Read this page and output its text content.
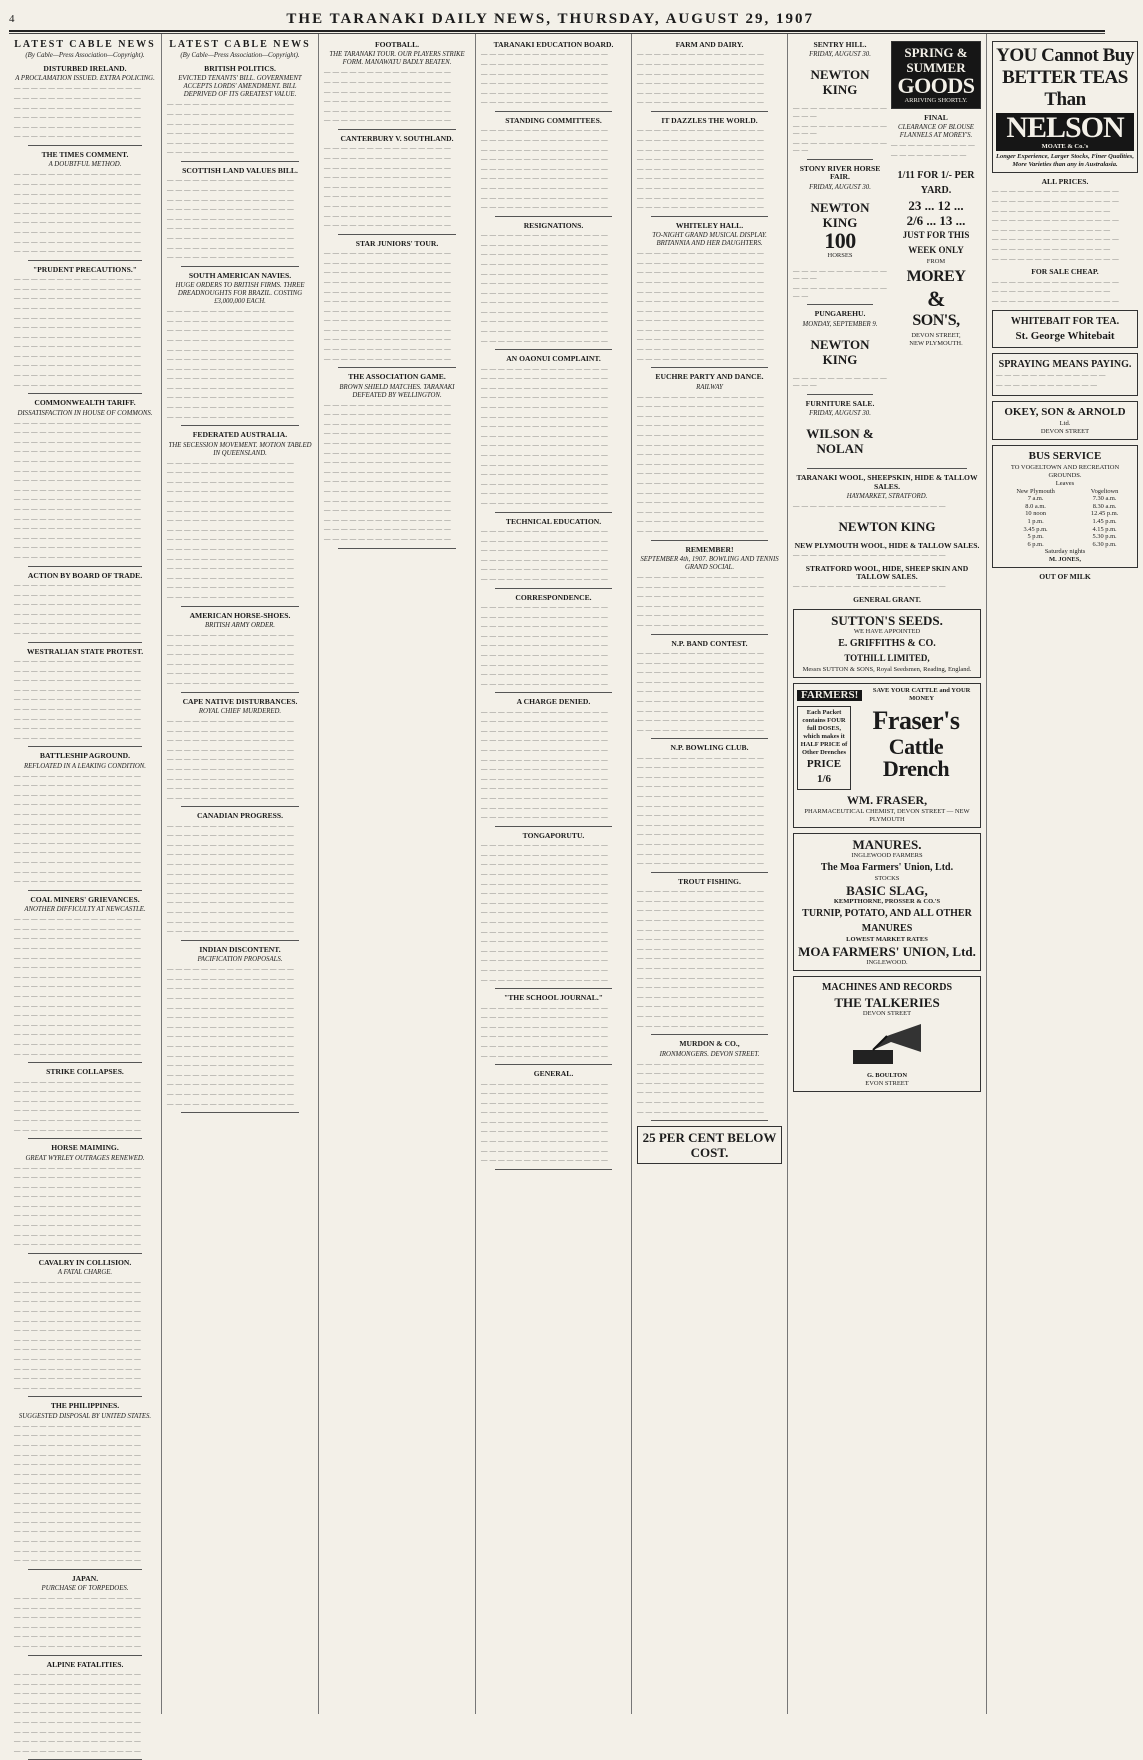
4	THE TARANAKI DAILY NEWS, THURSDAY, AUGUST 29, 1907
LATEST CABLE NEWS
(By Cable—Press Association—Copyright).
DISTURBED IRELAND.
A PROCLAMATION ISSUED. EXTRA POLICING.

— — — — — — — — — — — — — — —

— — — — — — — — — — — — — — —

— — — — — — — — — — — — — — —

— — — — — — — — — — — — — — —

— — — — — — — — — — — — — — —

— — — — — — — — — — — — — — —

THE TIMES COMMENT.
A DOUBTFUL METHOD.

— — — — — — — — — — — — — — —

— — — — — — — — — — — — — — —

— — — — — — — — — — — — — — —

— — — — — — — — — — — — — — —

— — — — — — — — — — — — — — —

— — — — — — — — — — — — — — —

— — — — — — — — — — — — — — —

— — — — — — — — — — — — — — —

— — — — — — — — — — — — — — —

"PRUDENT PRECAUTIONS."

— — — — — — — — — — — — — — —

— — — — — — — — — — — — — — —

— — — — — — — — — — — — — — —

— — — — — — — — — — — — — — —

— — — — — — — — — — — — — — —

— — — — — — — — — — — — — — —

— — — — — — — — — — — — — — —

— — — — — — — — — — — — — — —

— — — — — — — — — — — — — — —

— — — — — — — — — — — — — — —

— — — — — — — — — — — — — — —

— — — — — — — — — — — — — — —

COMMONWEALTH TARIFF.
DISSATISFACTION IN HOUSE OF COMMONS.

— — — — — — — — — — — — — — —

— — — — — — — — — — — — — — —

— — — — — — — — — — — — — — —

— — — — — — — — — — — — — — —

— — — — — — — — — — — — — — —

— — — — — — — — — — — — — — —

— — — — — — — — — — — — — — —

— — — — — — — — — — — — — — —

— — — — — — — — — — — — — — —

— — — — — — — — — — — — — — —

— — — — — — — — — — — — — — —

— — — — — — — — — — — — — — —

— — — — — — — — — — — — — — —

— — — — — — — — — — — — — — —

— — — — — — — — — — — — — — —

ACTION BY BOARD OF TRADE.

— — — — — — — — — — — — — — —

— — — — — — — — — — — — — — —

— — — — — — — — — — — — — — —

— — — — — — — — — — — — — — —

— — — — — — — — — — — — — — —

— — — — — — — — — — — — — — —

WESTRALIAN STATE PROTEST.

— — — — — — — — — — — — — — —

— — — — — — — — — — — — — — —

— — — — — — — — — — — — — — —

— — — — — — — — — — — — — — —

— — — — — — — — — — — — — — —

— — — — — — — — — — — — — — —

— — — — — — — — — — — — — — —

— — — — — — — — — — — — — — —

— — — — — — — — — — — — — — —

BATTLESHIP AGROUND.
REFLOATED IN A LEAKING CONDITION.

— — — — — — — — — — — — — — —

— — — — — — — — — — — — — — —

— — — — — — — — — — — — — — —

— — — — — — — — — — — — — — —

— — — — — — — — — — — — — — —

— — — — — — — — — — — — — — —

— — — — — — — — — — — — — — —

— — — — — — — — — — — — — — —

— — — — — — — — — — — — — — —

— — — — — — — — — — — — — — —

— — — — — — — — — — — — — — —

— — — — — — — — — — — — — — —

COAL MINERS' GRIEVANCES.
ANOTHER DIFFICULTY AT NEWCASTLE.

— — — — — — — — — — — — — — —

— — — — — — — — — — — — — — —

— — — — — — — — — — — — — — —

— — — — — — — — — — — — — — —

— — — — — — — — — — — — — — —

— — — — — — — — — — — — — — —

— — — — — — — — — — — — — — —

— — — — — — — — — — — — — — —

— — — — — — — — — — — — — — —

— — — — — — — — — — — — — — —

— — — — — — — — — — — — — — —

— — — — — — — — — — — — — — —

— — — — — — — — — — — — — — —

— — — — — — — — — — — — — — —

— — — — — — — — — — — — — — —

STRIKE COLLAPSES.

— — — — — — — — — — — — — — —

— — — — — — — — — — — — — — —

— — — — — — — — — — — — — — —

— — — — — — — — — — — — — — —

— — — — — — — — — — — — — — —

— — — — — — — — — — — — — — —

HORSE MAIMING.
GREAT WYRLEY OUTRAGES RENEWED.

— — — — — — — — — — — — — — —

— — — — — — — — — — — — — — —

— — — — — — — — — — — — — — —

— — — — — — — — — — — — — — —

— — — — — — — — — — — — — — —

— — — — — — — — — — — — — — —

— — — — — — — — — — — — — — —

— — — — — — — — — — — — — — —

— — — — — — — — — — — — — — —

CAVALRY IN COLLISION.
A FATAL CHARGE.

— — — — — — — — — — — — — — —

— — — — — — — — — — — — — — —

— — — — — — — — — — — — — — —

— — — — — — — — — — — — — — —

— — — — — — — — — — — — — — —

— — — — — — — — — — — — — — —

— — — — — — — — — — — — — — —

— — — — — — — — — — — — — — —

— — — — — — — — — — — — — — —

— — — — — — — — — — — — — — —

— — — — — — — — — — — — — — —

— — — — — — — — — — — — — — —

THE PHILIPPINES.
SUGGESTED DISPOSAL BY UNITED STATES.

— — — — — — — — — — — — — — —

— — — — — — — — — — — — — — —

— — — — — — — — — — — — — — —

— — — — — — — — — — — — — — —

— — — — — — — — — — — — — — —

— — — — — — — — — — — — — — —

— — — — — — — — — — — — — — —

— — — — — — — — — — — — — — —

— — — — — — — — — — — — — — —

— — — — — — — — — — — — — — —

— — — — — — — — — — — — — — —

— — — — — — — — — — — — — — —

— — — — — — — — — — — — — — —

— — — — — — — — — — — — — — —

— — — — — — — — — — — — — — —

JAPAN.
PURCHASE OF TORPEDOES.

— — — — — — — — — — — — — — —

— — — — — — — — — — — — — — —

— — — — — — — — — — — — — — —

— — — — — — — — — — — — — — —

— — — — — — — — — — — — — — —

— — — — — — — — — — — — — — —

ALPINE FATALITIES.

— — — — — — — — — — — — — — —

— — — — — — — — — — — — — — —

— — — — — — — — — — — — — — —

— — — — — — — — — — — — — — —

— — — — — — — — — — — — — — —

— — — — — — — — — — — — — — —

— — — — — — — — — — — — — — —

— — — — — — — — — — — — — — —

— — — — — — — — — — — — — — —

LATEST CABLE NEWS
(By Cable—Press Association—Copyright).
BRITISH POLITICS.
EVICTED TENANTS' BILL. GOVERNMENT ACCEPTS LORDS' AMENDMENT. BILL DEPRIVED OF ITS GREATEST VALUE.

— — — — — — — — — — — — — — —

— — — — — — — — — — — — — — —

— — — — — — — — — — — — — — —

— — — — — — — — — — — — — — —

— — — — — — — — — — — — — — —

— — — — — — — — — — — — — — —

SCOTTISH LAND VALUES BILL.

— — — — — — — — — — — — — — —

— — — — — — — — — — — — — — —

— — — — — — — — — — — — — — —

— — — — — — — — — — — — — — —

— — — — — — — — — — — — — — —

— — — — — — — — — — — — — — —

— — — — — — — — — — — — — — —

— — — — — — — — — — — — — — —

— — — — — — — — — — — — — — —

SOUTH AMERICAN NAVIES.
HUGE ORDERS TO BRITISH FIRMS. THREE DREADNOUGHTS FOR BRAZIL. COSTING £3,000,000 EACH.

— — — — — — — — — — — — — — —

— — — — — — — — — — — — — — —

— — — — — — — — — — — — — — —

— — — — — — — — — — — — — — —

— — — — — — — — — — — — — — —

— — — — — — — — — — — — — — —

— — — — — — — — — — — — — — —

— — — — — — — — — — — — — — —

— — — — — — — — — — — — — — —

— — — — — — — — — — — — — — —

— — — — — — — — — — — — — — —

— — — — — — — — — — — — — — —

FEDERATED AUSTRALIA.
THE SECESSION MOVEMENT. MOTION TABLED IN QUEENSLAND.

— — — — — — — — — — — — — — —

— — — — — — — — — — — — — — —

— — — — — — — — — — — — — — —

— — — — — — — — — — — — — — —

— — — — — — — — — — — — — — —

— — — — — — — — — — — — — — —

— — — — — — — — — — — — — — —

— — — — — — — — — — — — — — —

— — — — — — — — — — — — — — —

— — — — — — — — — — — — — — —

— — — — — — — — — — — — — — —

— — — — — — — — — — — — — — —

— — — — — — — — — — — — — — —

— — — — — — — — — — — — — — —

— — — — — — — — — — — — — — —

AMERICAN HORSE-SHOES.
BRITISH ARMY ORDER.

— — — — — — — — — — — — — — —

— — — — — — — — — — — — — — —

— — — — — — — — — — — — — — —

— — — — — — — — — — — — — — —

— — — — — — — — — — — — — — —

— — — — — — — — — — — — — — —

CAPE NATIVE DISTURBANCES.
ROYAL CHIEF MURDERED.

— — — — — — — — — — — — — — —

— — — — — — — — — — — — — — —

— — — — — — — — — — — — — — —

— — — — — — — — — — — — — — —

— — — — — — — — — — — — — — —

— — — — — — — — — — — — — — —

— — — — — — — — — — — — — — —

— — — — — — — — — — — — — — —

— — — — — — — — — — — — — — —

CANADIAN PROGRESS.

— — — — — — — — — — — — — — —

— — — — — — — — — — — — — — —

— — — — — — — — — — — — — — —

— — — — — — — — — — — — — — —

— — — — — — — — — — — — — — —

— — — — — — — — — — — — — — —

— — — — — — — — — — — — — — —

— — — — — — — — — — — — — — —

— — — — — — — — — — — — — — —

— — — — — — — — — — — — — — —

— — — — — — — — — — — — — — —

— — — — — — — — — — — — — — —

INDIAN DISCONTENT.
PACIFICATION PROPOSALS.

— — — — — — — — — — — — — — —

— — — — — — — — — — — — — — —

— — — — — — — — — — — — — — —

— — — — — — — — — — — — — — —

— — — — — — — — — — — — — — —

— — — — — — — — — — — — — — —

— — — — — — — — — — — — — — —

— — — — — — — — — — — — — — —

— — — — — — — — — — — — — — —

— — — — — — — — — — — — — — —

— — — — — — — — — — — — — — —

— — — — — — — — — — — — — — —

— — — — — — — — — — — — — — —

— — — — — — — — — — — — — — —

— — — — — — — — — — — — — — —

FOOTBALL.
THE TARANAKI TOUR. OUR PLAYERS STRIKE FORM. MANAWATU BADLY BEATEN.

— — — — — — — — — — — — — — —

— — — — — — — — — — — — — — —

— — — — — — — — — — — — — — —

— — — — — — — — — — — — — — —

— — — — — — — — — — — — — — —

— — — — — — — — — — — — — — —

CANTERBURY V. SOUTHLAND.

— — — — — — — — — — — — — — —

— — — — — — — — — — — — — — —

— — — — — — — — — — — — — — —

— — — — — — — — — — — — — — —

— — — — — — — — — — — — — — —

— — — — — — — — — — — — — — —

— — — — — — — — — — — — — — —

— — — — — — — — — — — — — — —

— — — — — — — — — — — — — — —

STAR JUNIORS' TOUR.

— — — — — — — — — — — — — — —

— — — — — — — — — — — — — — —

— — — — — — — — — — — — — — —

— — — — — — — — — — — — — — —

— — — — — — — — — — — — — — —

— — — — — — — — — — — — — — —

— — — — — — — — — — — — — — —

— — — — — — — — — — — — — — —

— — — — — — — — — — — — — — —

— — — — — — — — — — — — — — —

— — — — — — — — — — — — — — —

— — — — — — — — — — — — — — —

THE ASSOCIATION GAME.
BROWN SHIELD MATCHES. TARANAKI DEFEATED BY WELLINGTON.

— — — — — — — — — — — — — — —

— — — — — — — — — — — — — — —

— — — — — — — — — — — — — — —

— — — — — — — — — — — — — — —

— — — — — — — — — — — — — — —

— — — — — — — — — — — — — — —

— — — — — — — — — — — — — — —

— — — — — — — — — — — — — — —

— — — — — — — — — — — — — — —

— — — — — — — — — — — — — — —

— — — — — — — — — — — — — — —

— — — — — — — — — — — — — — —

— — — — — — — — — — — — — — —

— — — — — — — — — — — — — — —

— — — — — — — — — — — — — — —

TARANAKI EDUCATION BOARD.

— — — — — — — — — — — — — — —

— — — — — — — — — — — — — — —

— — — — — — — — — — — — — — —

— — — — — — — — — — — — — — —

— — — — — — — — — — — — — — —

— — — — — — — — — — — — — — —

STANDING COMMITTEES.

— — — — — — — — — — — — — — —

— — — — — — — — — — — — — — —

— — — — — — — — — — — — — — —

— — — — — — — — — — — — — — —

— — — — — — — — — — — — — — —

— — — — — — — — — — — — — — —

— — — — — — — — — — — — — — —

— — — — — — — — — — — — — — —

— — — — — — — — — — — — — — —

RESIGNATIONS.

— — — — — — — — — — — — — — —

— — — — — — — — — — — — — — —

— — — — — — — — — — — — — — —

— — — — — — — — — — — — — — —

— — — — — — — — — — — — — — —

— — — — — — — — — — — — — — —

— — — — — — — — — — — — — — —

— — — — — — — — — — — — — — —

— — — — — — — — — — — — — — —

— — — — — — — — — — — — — — —

— — — — — — — — — — — — — — —

— — — — — — — — — — — — — — —

AN OAONUI COMPLAINT.

— — — — — — — — — — — — — — —

— — — — — — — — — — — — — — —

— — — — — — — — — — — — — — —

— — — — — — — — — — — — — — —

— — — — — — — — — — — — — — —

— — — — — — — — — — — — — — —

— — — — — — — — — — — — — — —

— — — — — — — — — — — — — — —

— — — — — — — — — — — — — — —

— — — — — — — — — — — — — — —

— — — — — — — — — — — — — — —

— — — — — — — — — — — — — — —

— — — — — — — — — — — — — — —

— — — — — — — — — — — — — — —

— — — — — — — — — — — — — — —

TECHNICAL EDUCATION.

— — — — — — — — — — — — — — —

— — — — — — — — — — — — — — —

— — — — — — — — — — — — — — —

— — — — — — — — — — — — — — —

— — — — — — — — — — — — — — —

— — — — — — — — — — — — — — —

CORRESPONDENCE.

— — — — — — — — — — — — — — —

— — — — — — — — — — — — — — —

— — — — — — — — — — — — — — —

— — — — — — — — — — — — — — —

— — — — — — — — — — — — — — —

— — — — — — — — — — — — — — —

— — — — — — — — — — — — — — —

— — — — — — — — — — — — — — —

— — — — — — — — — — — — — — —

A CHARGE DENIED.

— — — — — — — — — — — — — — —

— — — — — — — — — — — — — — —

— — — — — — — — — — — — — — —

— — — — — — — — — — — — — — —

— — — — — — — — — — — — — — —

— — — — — — — — — — — — — — —

— — — — — — — — — — — — — — —

— — — — — — — — — — — — — — —

— — — — — — — — — — — — — — —

— — — — — — — — — — — — — — —

— — — — — — — — — — — — — — —

— — — — — — — — — — — — — — —

TONGAPORUTU.

— — — — — — — — — — — — — — —

— — — — — — — — — — — — — — —

— — — — — — — — — — — — — — —

— — — — — — — — — — — — — — —

— — — — — — — — — — — — — — —

— — — — — — — — — — — — — — —

— — — — — — — — — — — — — — —

— — — — — — — — — — — — — — —

— — — — — — — — — — — — — — —

— — — — — — — — — — — — — — —

— — — — — — — — — — — — — — —

— — — — — — — — — — — — — — —

— — — — — — — — — — — — — — —

— — — — — — — — — — — — — — —

— — — — — — — — — — — — — — —

"THE SCHOOL JOURNAL."

— — — — — — — — — — — — — — —

— — — — — — — — — — — — — — —

— — — — — — — — — — — — — — —

— — — — — — — — — — — — — — —

— — — — — — — — — — — — — — —

— — — — — — — — — — — — — — —

GENERAL.

— — — — — — — — — — — — — — —

— — — — — — — — — — — — — — —

— — — — — — — — — — — — — — —

— — — — — — — — — — — — — — —

— — — — — — — — — — — — — — —

— — — — — — — — — — — — — — —

— — — — — — — — — — — — — — —

— — — — — — — — — — — — — — —

— — — — — — — — — — — — — — —

FARM AND DAIRY.

— — — — — — — — — — — — — — —

— — — — — — — — — — — — — — —

— — — — — — — — — — — — — — —

— — — — — — — — — — — — — — —

— — — — — — — — — — — — — — —

— — — — — — — — — — — — — — —

IT DAZZLES THE WORLD.

— — — — — — — — — — — — — — —

— — — — — — — — — — — — — — —

— — — — — — — — — — — — — — —

— — — — — — — — — — — — — — —

— — — — — — — — — — — — — — —

— — — — — — — — — — — — — — —

— — — — — — — — — — — — — — —

— — — — — — — — — — — — — — —

— — — — — — — — — — — — — — —

WHITELEY HALL.
TO-NIGHT GRAND MUSICAL DISPLAY. BRITANNIA AND HER DAUGHTERS.

— — — — — — — — — — — — — — —

— — — — — — — — — — — — — — —

— — — — — — — — — — — — — — —

— — — — — — — — — — — — — — —

— — — — — — — — — — — — — — —

— — — — — — — — — — — — — — —

— — — — — — — — — — — — — — —

— — — — — — — — — — — — — — —

— — — — — — — — — — — — — — —

— — — — — — — — — — — — — — —

— — — — — — — — — — — — — — —

— — — — — — — — — — — — — — —

EUCHRE PARTY AND DANCE.
RAILWAY

— — — — — — — — — — — — — — —

— — — — — — — — — — — — — — —

— — — — — — — — — — — — — — —

— — — — — — — — — — — — — — —

— — — — — — — — — — — — — — —

— — — — — — — — — — — — — — —

— — — — — — — — — — — — — — —

— — — — — — — — — — — — — — —

— — — — — — — — — — — — — — —

— — — — — — — — — — — — — — —

— — — — — — — — — — — — — — —

— — — — — — — — — — — — — — —

— — — — — — — — — — — — — — —

— — — — — — — — — — — — — — —

— — — — — — — — — — — — — — —

REMEMBER!
SEPTEMBER 4th, 1907. BOWLING AND TENNIS GRAND SOCIAL.

— — — — — — — — — — — — — — —

— — — — — — — — — — — — — — —

— — — — — — — — — — — — — — —

— — — — — — — — — — — — — — —

— — — — — — — — — — — — — — —

— — — — — — — — — — — — — — —

N.P. BAND CONTEST.

— — — — — — — — — — — — — — —

— — — — — — — — — — — — — — —

— — — — — — — — — — — — — — —

— — — — — — — — — — — — — — —

— — — — — — — — — — — — — — —

— — — — — — — — — — — — — — —

— — — — — — — — — — — — — — —

— — — — — — — — — — — — — — —

— — — — — — — — — — — — — — —

N.P. BOWLING CLUB.

— — — — — — — — — — — — — — —

— — — — — — — — — — — — — — —

— — — — — — — — — — — — — — —

— — — — — — — — — — — — — — —

— — — — — — — — — — — — — — —

— — — — — — — — — — — — — — —

— — — — — — — — — — — — — — —

— — — — — — — — — — — — — — —

— — — — — — — — — — — — — — —

— — — — — — — — — — — — — — —

— — — — — — — — — — — — — — —

— — — — — — — — — — — — — — —

TROUT FISHING.

— — — — — — — — — — — — — — —

— — — — — — — — — — — — — — —

— — — — — — — — — — — — — — —

— — — — — — — — — — — — — — —

— — — — — — — — — — — — — — —

— — — — — — — — — — — — — — —

— — — — — — — — — — — — — — —

— — — — — — — — — — — — — — —

— — — — — — — — — — — — — — —

— — — — — — — — — — — — — — —

— — — — — — — — — — — — — — —

— — — — — — — — — — — — — — —

— — — — — — — — — — — — — — —

— — — — — — — — — — — — — — —

— — — — — — — — — — — — — — —

MURDON & CO.,
IRONMONGERS. DEVON STREET.

— — — — — — — — — — — — — — —

— — — — — — — — — — — — — — —

— — — — — — — — — — — — — — —

— — — — — — — — — — — — — — —

— — — — — — — — — — — — — — —

— — — — — — — — — — — — — — —

25 PER CENT BELOW COST.
SENTRY HILL.
FRIDAY, AUGUST 30.
NEWTON KING

— — — — — — — — — — — — — —

— — — — — — — — — — — — — —

— — — — — — — — — — — — —

STONY RIVER HORSE FAIR.
FRIDAY, AUGUST 30.
NEWTON KING
100
HORSES

— — — — — — — — — — — — — —

— — — — — — — — — — — — —

PUNGAREHU.
MONDAY, SEPTEMBER 9.
NEWTON KING

— — — — — — — — — — — — — —

FURNITURE SALE.
FRIDAY, AUGUST 30.
WILSON & NOLAN
SPRING & SUMMER
GOODS
ARRIVING SHORTLY.
FINAL
CLEARANCE OF BLOUSE FLANNELS AT MOREY'S.

— — — — — — — — — —

— — — — — — — — —

1/11 FOR 1/- PER YARD.
23 ... 12 ...
2/6 ... 13 ...
JUST FOR THIS WEEK ONLY
FROM
MOREY
&
SON'S,
DEVON STREET,
NEW PLYMOUTH.
TARANAKI WOOL, SHEEPSKIN, HIDE & TALLOW SALES.
HAYMARKET, STRATFORD.

— — — — — — — — — — — — — — — — — —

NEWTON KING
NEW PLYMOUTH WOOL, HIDE & TALLOW SALES.

— — — — — — — — — — — — — — — — — —

STRATFORD WOOL, HIDE, SHEEP SKIN AND TALLOW SALES.

— — — — — — — — — — — — — — — — — —

GENERAL GRANT.
SUTTON'S SEEDS.
WE HAVE APPOINTED
E. GRIFFITHS & CO.
TOTHILL LIMITED,
Messrs SUTTON & SONS, Royal Seedsmen, Reading, England.
FARMERS!	SAVE YOUR CATTLE and YOUR MONEY
Each Packet contains FOUR full DOSES, which makes it HALF PRICE of Other Drenches
PRICE 1/6
Fraser's
Cattle Drench
WM. FRASER,
PHARMACEUTICAL CHEMIST, DEVON STREET — NEW PLYMOUTH
MANURES.
INGLEWOOD FARMERS
The Moa Farmers' Union, Ltd.
STOCKS
BASIC SLAG,
KEMPTHORNE, PROSSER & CO.'S
TURNIP, POTATO, AND ALL OTHER MANURES
LOWEST MARKET RATES
MOA FARMERS' UNION, Ltd.
INGLEWOOD.
MACHINES AND RECORDS
THE TALKERIES
DEVON STREET
G. BOULTON
EVON STREET
YOU Cannot Buy BETTER TEAS Than
NELSON
MOATE & Co.'s
Longer Experience, Larger Stocks, Finer Qualities, More Varieties than any in Australasia.
ALL PRICES.

— — — — — — — — — — — — — — —

— — — — — — — — — — — — — — —

— — — — — — — — — — — — — —

— — — — — — — — — — — — — — —

— — — — — — — — — — — — — —

— — — — — — — — — — — — — — —

— — — — — — — — — — — — — —

— — — — — — — — — — — — — — —

FOR SALE CHEAP.

— — — — — — — — — — — — — — —

— — — — — — — — — — — — — —

— — — — — — — — — — — — — — —

WHITEBAIT FOR TEA.
St. George Whitebait
SPRAYING MEANS PAYING.

— — — — — — — — — — — — —

— — — — — — — — — — — —

OKEY, SON & ARNOLD
Ltd.
DEVON STREET
BUS SERVICE
TO VOGELTOWN AND RECREATION GROUNDS.
Leaves
New Plymouth	Vogeltown
7 a.m.	7.30 a.m.
8.0 a.m.	8.30 a.m.
10 noon	12.45 p.m.
1 p.m.	1.45 p.m.
3.45 p.m.	4.15 p.m.
5 p.m.	5.30 p.m.
6 p.m.	6.30 p.m.
Saturday nights
M. JONES,
OUT OF MILK
